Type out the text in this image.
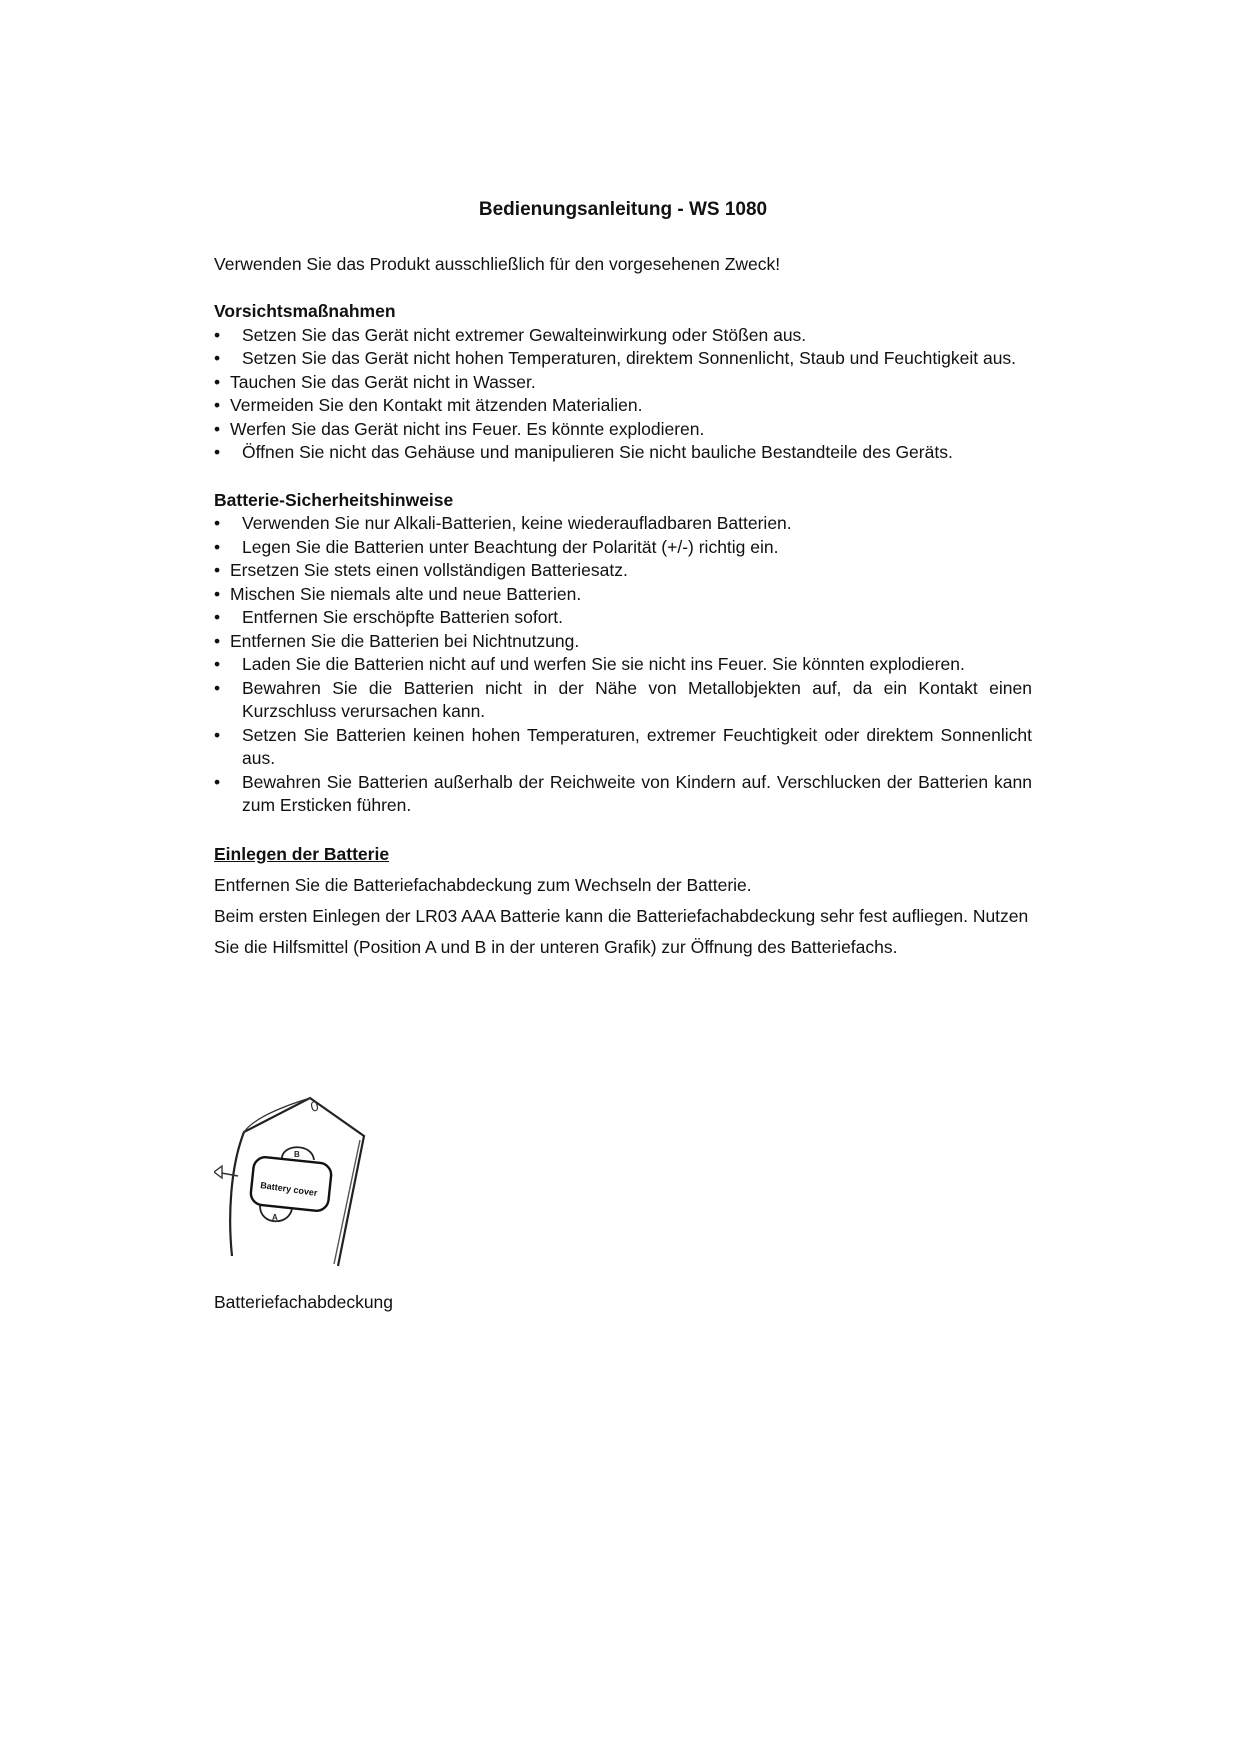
Bedienungsanleitung - WS 1080

Verwenden Sie das Produkt ausschließlich für den vorgesehenen Zweck!

Vorsichtsmaßnahmen
• Setzen Sie das Gerät nicht extremer Gewalteinwirkung oder Stößen aus.
• Setzen Sie das Gerät nicht hohen Temperaturen, direktem Sonnenlicht, Staub und Feuchtigkeit aus.
• Tauchen Sie das Gerät nicht in Wasser.
• Vermeiden Sie den Kontakt mit ätzenden Materialien.
• Werfen Sie das Gerät nicht ins Feuer. Es könnte explodieren.
• Öffnen Sie nicht das Gehäuse und manipulieren Sie nicht bauliche Bestandteile des Geräts.
Batterie-Sicherheitshinweise
• Verwenden Sie nur Alkali-Batterien, keine wiederaufladbaren Batterien.
• Legen Sie die Batterien unter Beachtung der Polarität (+/-) richtig ein.
• Ersetzen Sie stets einen vollständigen Batteriesatz.
• Mischen Sie niemals alte und neue Batterien.
• Entfernen Sie erschöpfte Batterien sofort.
• Entfernen Sie die Batterien bei Nichtnutzung.
• Laden Sie die Batterien nicht auf und werfen Sie sie nicht ins Feuer. Sie könnten explodieren.
• Bewahren Sie die Batterien nicht in der Nähe von Metallobjekten auf, da ein Kontakt einen Kurzschluss verursachen kann.
• Setzen Sie Batterien keinen hohen Temperaturen, extremer Feuchtigkeit oder direktem Sonnenlicht aus.
• Bewahren Sie Batterien außerhalb der Reichweite von Kindern auf. Verschlucken der Batterien kann zum Ersticken führen.
Einlegen der Batterie

Entfernen Sie die Batteriefachabdeckung zum Wechseln der Batterie.

Beim ersten Einlegen der LR03 AAA Batterie kann die Batteriefachabdeckung sehr fest aufliegen. Nutzen Sie die Hilfsmittel (Position A und B in der unteren Grafik) zur Öffnung des Batteriefachs.

0
B
A
Battery cover
Batteriefachabdeckung
